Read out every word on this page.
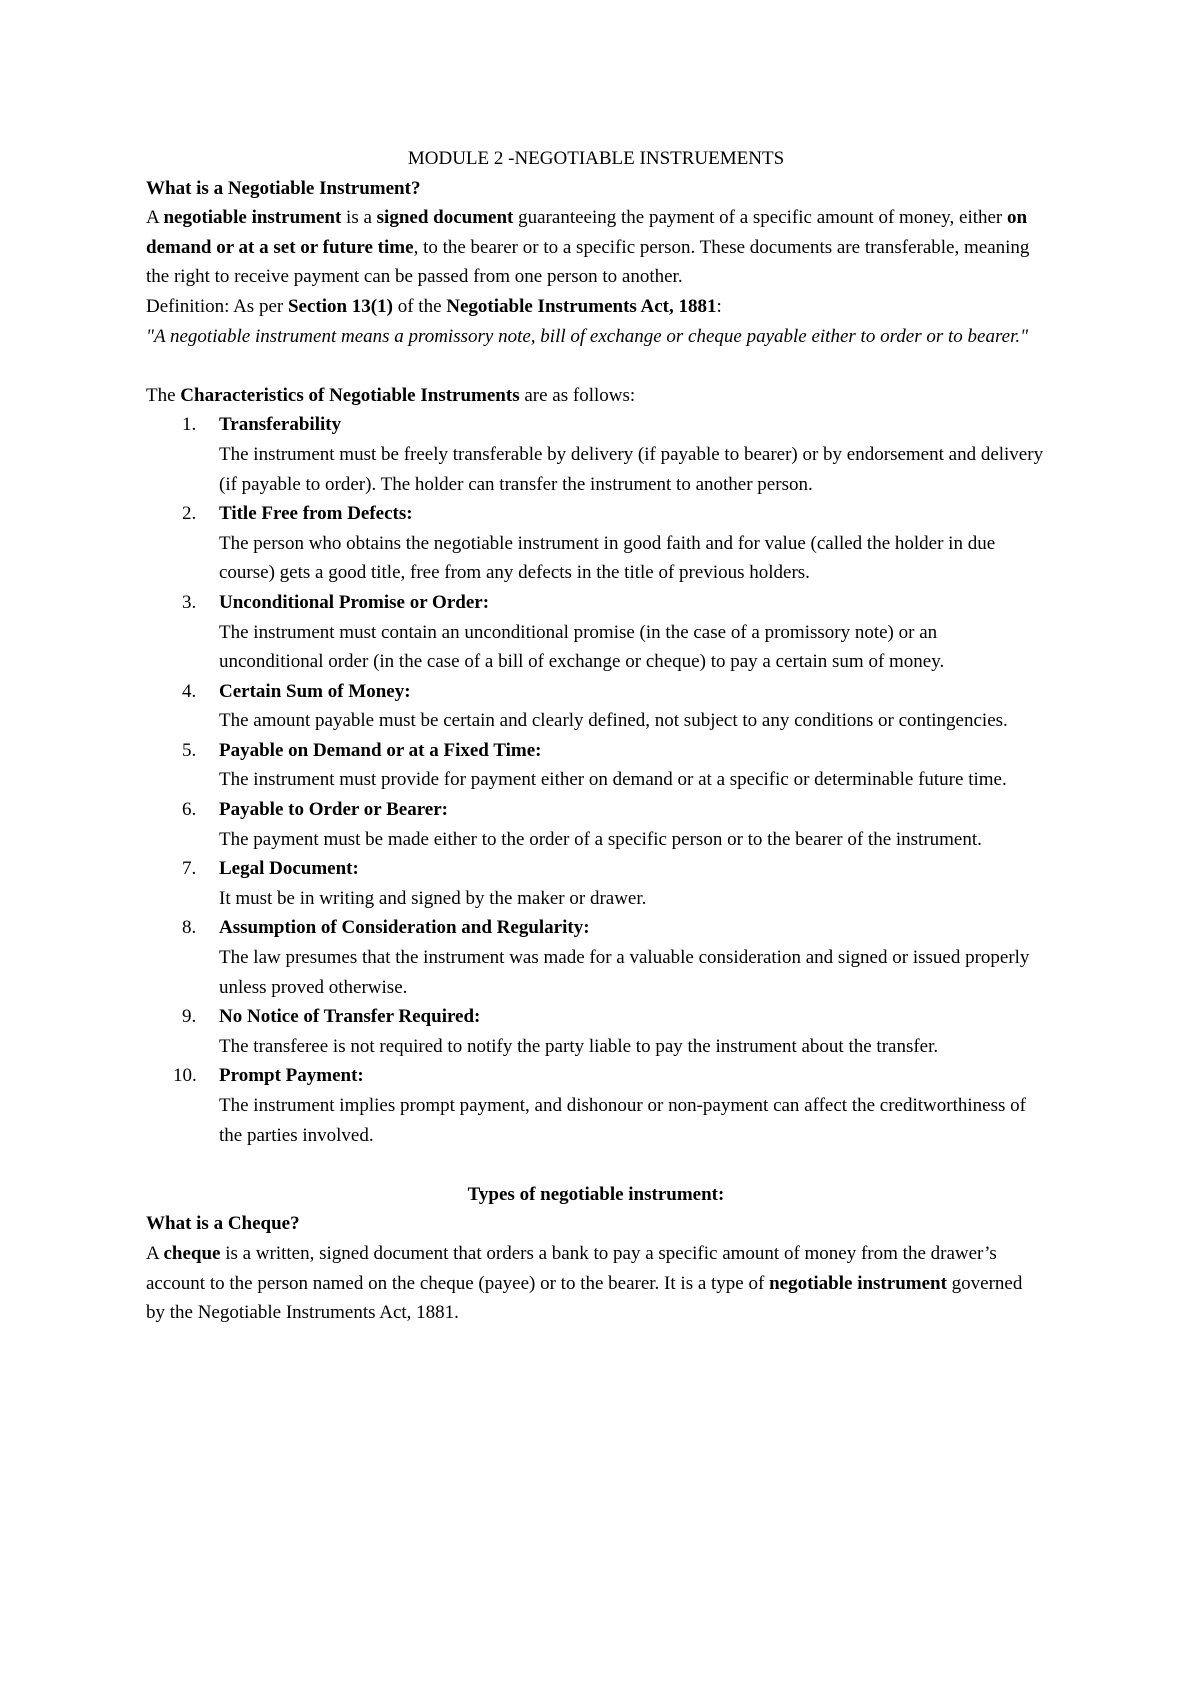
MODULE 2 -NEGOTIABLE INSTRUEMENTS

What is a Negotiable Instrument?

A negotiable instrument is a signed document guaranteeing the payment of a specific amount of money, either on demand or at a set or future time, to the bearer or to a specific person. These documents are transferable, meaning the right to receive payment can be passed from one person to another.

Definition: As per Section 13(1) of the Negotiable Instruments Act, 1881:

"A negotiable instrument means a promissory note, bill of exchange or cheque payable either to order or to bearer."

The Characteristics of Negotiable Instruments are as follows:

1.	Transferability
The instrument must be freely transferable by delivery (if payable to bearer) or by endorsement and delivery (if payable to order). The holder can transfer the instrument to another person.
2.	Title Free from Defects:
The person who obtains the negotiable instrument in good faith and for value (called the holder in due course) gets a good title, free from any defects in the title of previous holders.
3.	Unconditional Promise or Order:
The instrument must contain an unconditional promise (in the case of a promissory note) or an unconditional order (in the case of a bill of exchange or cheque) to pay a certain sum of money.
4.	Certain Sum of Money:
The amount payable must be certain and clearly defined, not subject to any conditions or contingencies.
5.	Payable on Demand or at a Fixed Time:
The instrument must provide for payment either on demand or at a specific or determinable future time.
6.	Payable to Order or Bearer:
The payment must be made either to the order of a specific person or to the bearer of the instrument.
7.	Legal Document:
It must be in writing and signed by the maker or drawer.
8.	Assumption of Consideration and Regularity:
The law presumes that the instrument was made for a valuable consideration and signed or issued properly unless proved otherwise.
9.	No Notice of Transfer Required:
The transferee is not required to notify the party liable to pay the instrument about the transfer.
10. Prompt Payment:
The instrument implies prompt payment, and dishonour or non-payment can affect the creditworthiness of the parties involved.

Types of negotiable instrument:

What is a Cheque?

A cheque is a written, signed document that orders a bank to pay a specific amount of money from the drawer’s account to the person named on the cheque (payee) or to the bearer. It is a type of negotiable instrument governed by the Negotiable Instruments Act, 1881.
